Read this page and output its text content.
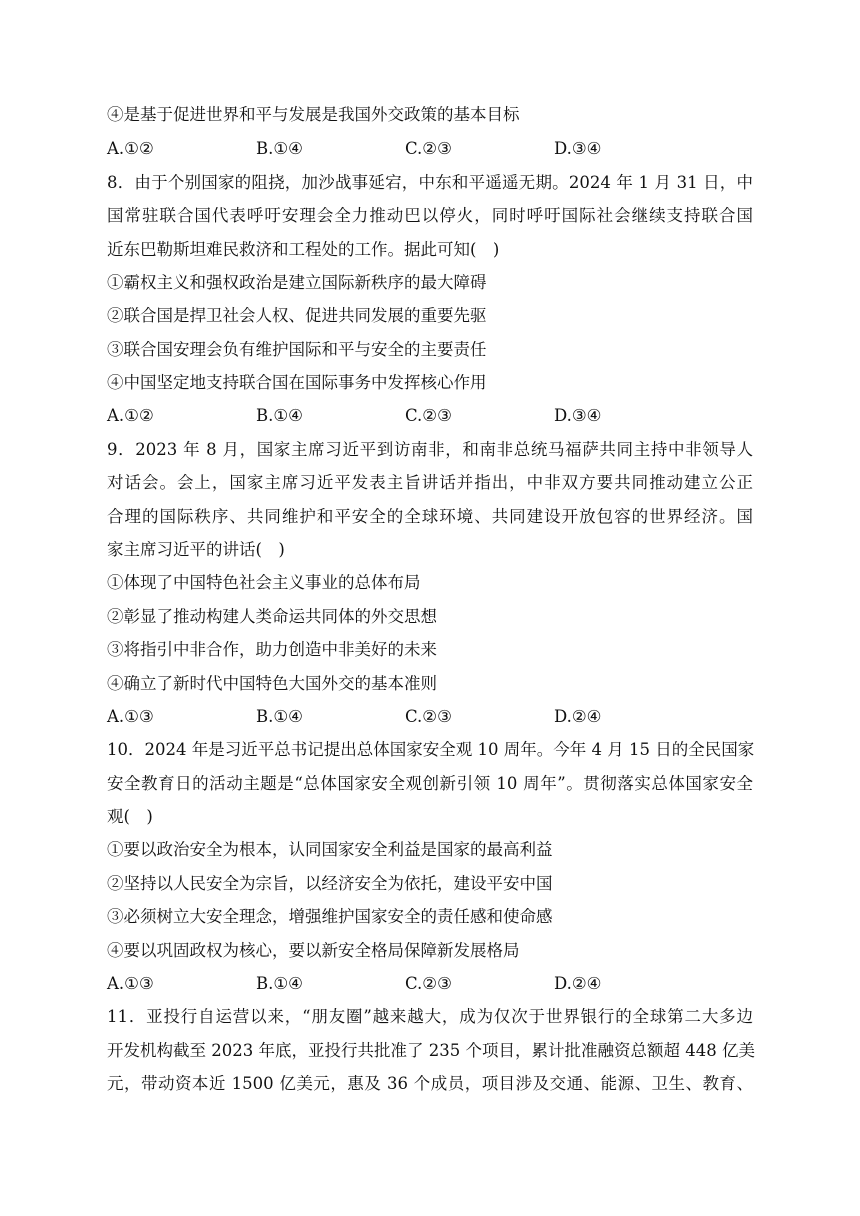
④是基于促进世界和平与发展是我国外交政策的基本目标
A.①②	B.①④	C.②③	D.③④
8．由于个别国家的阻挠，加沙战事延宕，中东和平遥遥无期。2024 年 1 月 31 日，中
国常驻联合国代表呼吁安理会全力推动巴以停火，同时呼吁国际社会继续支持联合国
近东巴勒斯坦难民救济和工程处的工作。据此可知(　)
①霸权主义和强权政治是建立国际新秩序的最大障碍
②联合国是捍卫社会人权、促进共同发展的重要先驱
③联合国安理会负有维护国际和平与安全的主要责任
④中国坚定地支持联合国在国际事务中发挥核心作用
A.①②	B.①④	C.②③	D.③④
9．2023 年 8 月，国家主席习近平到访南非，和南非总统马福萨共同主持中非领导人
对话会。会上，国家主席习近平发表主旨讲话并指出，中非双方要共同推动建立公正
合理的国际秩序、共同维护和平安全的全球环境、共同建设开放包容的世界经济。国
家主席习近平的讲话(　)
①体现了中国特色社会主义事业的总体布局
②彰显了推动构建人类命运共同体的外交思想
③将指引中非合作，助力创造中非美好的未来
④确立了新时代中国特色大国外交的基本准则
A.①③	B.①④	C.②③	D.②④
10．2024 年是习近平总书记提出总体国家安全观 10 周年。今年 4 月 15 日的全民国家
安全教育日的活动主题是“总体国家安全观创新引领 10 周年”。贯彻落实总体国家安全
观(　)
①要以政治安全为根本，认同国家安全利益是国家的最高利益
②坚持以人民安全为宗旨，以经济安全为依托，建设平安中国
③必须树立大安全理念，增强维护国家安全的责任感和使命感
④要以巩固政权为核心，要以新安全格局保障新发展格局
A.①③	B.①④	C.②③	D.②④
11．亚投行自运营以来，“朋友圈”越来越大，成为仅次于世界银行的全球第二大多边
开发机构截至 2023 年底，亚投行共批准了 235 个项目，累计批准融资总额超 448 亿美
元，带动资本近 1500 亿美元，惠及 36 个成员，项目涉及交通、能源、卫生、教育、
